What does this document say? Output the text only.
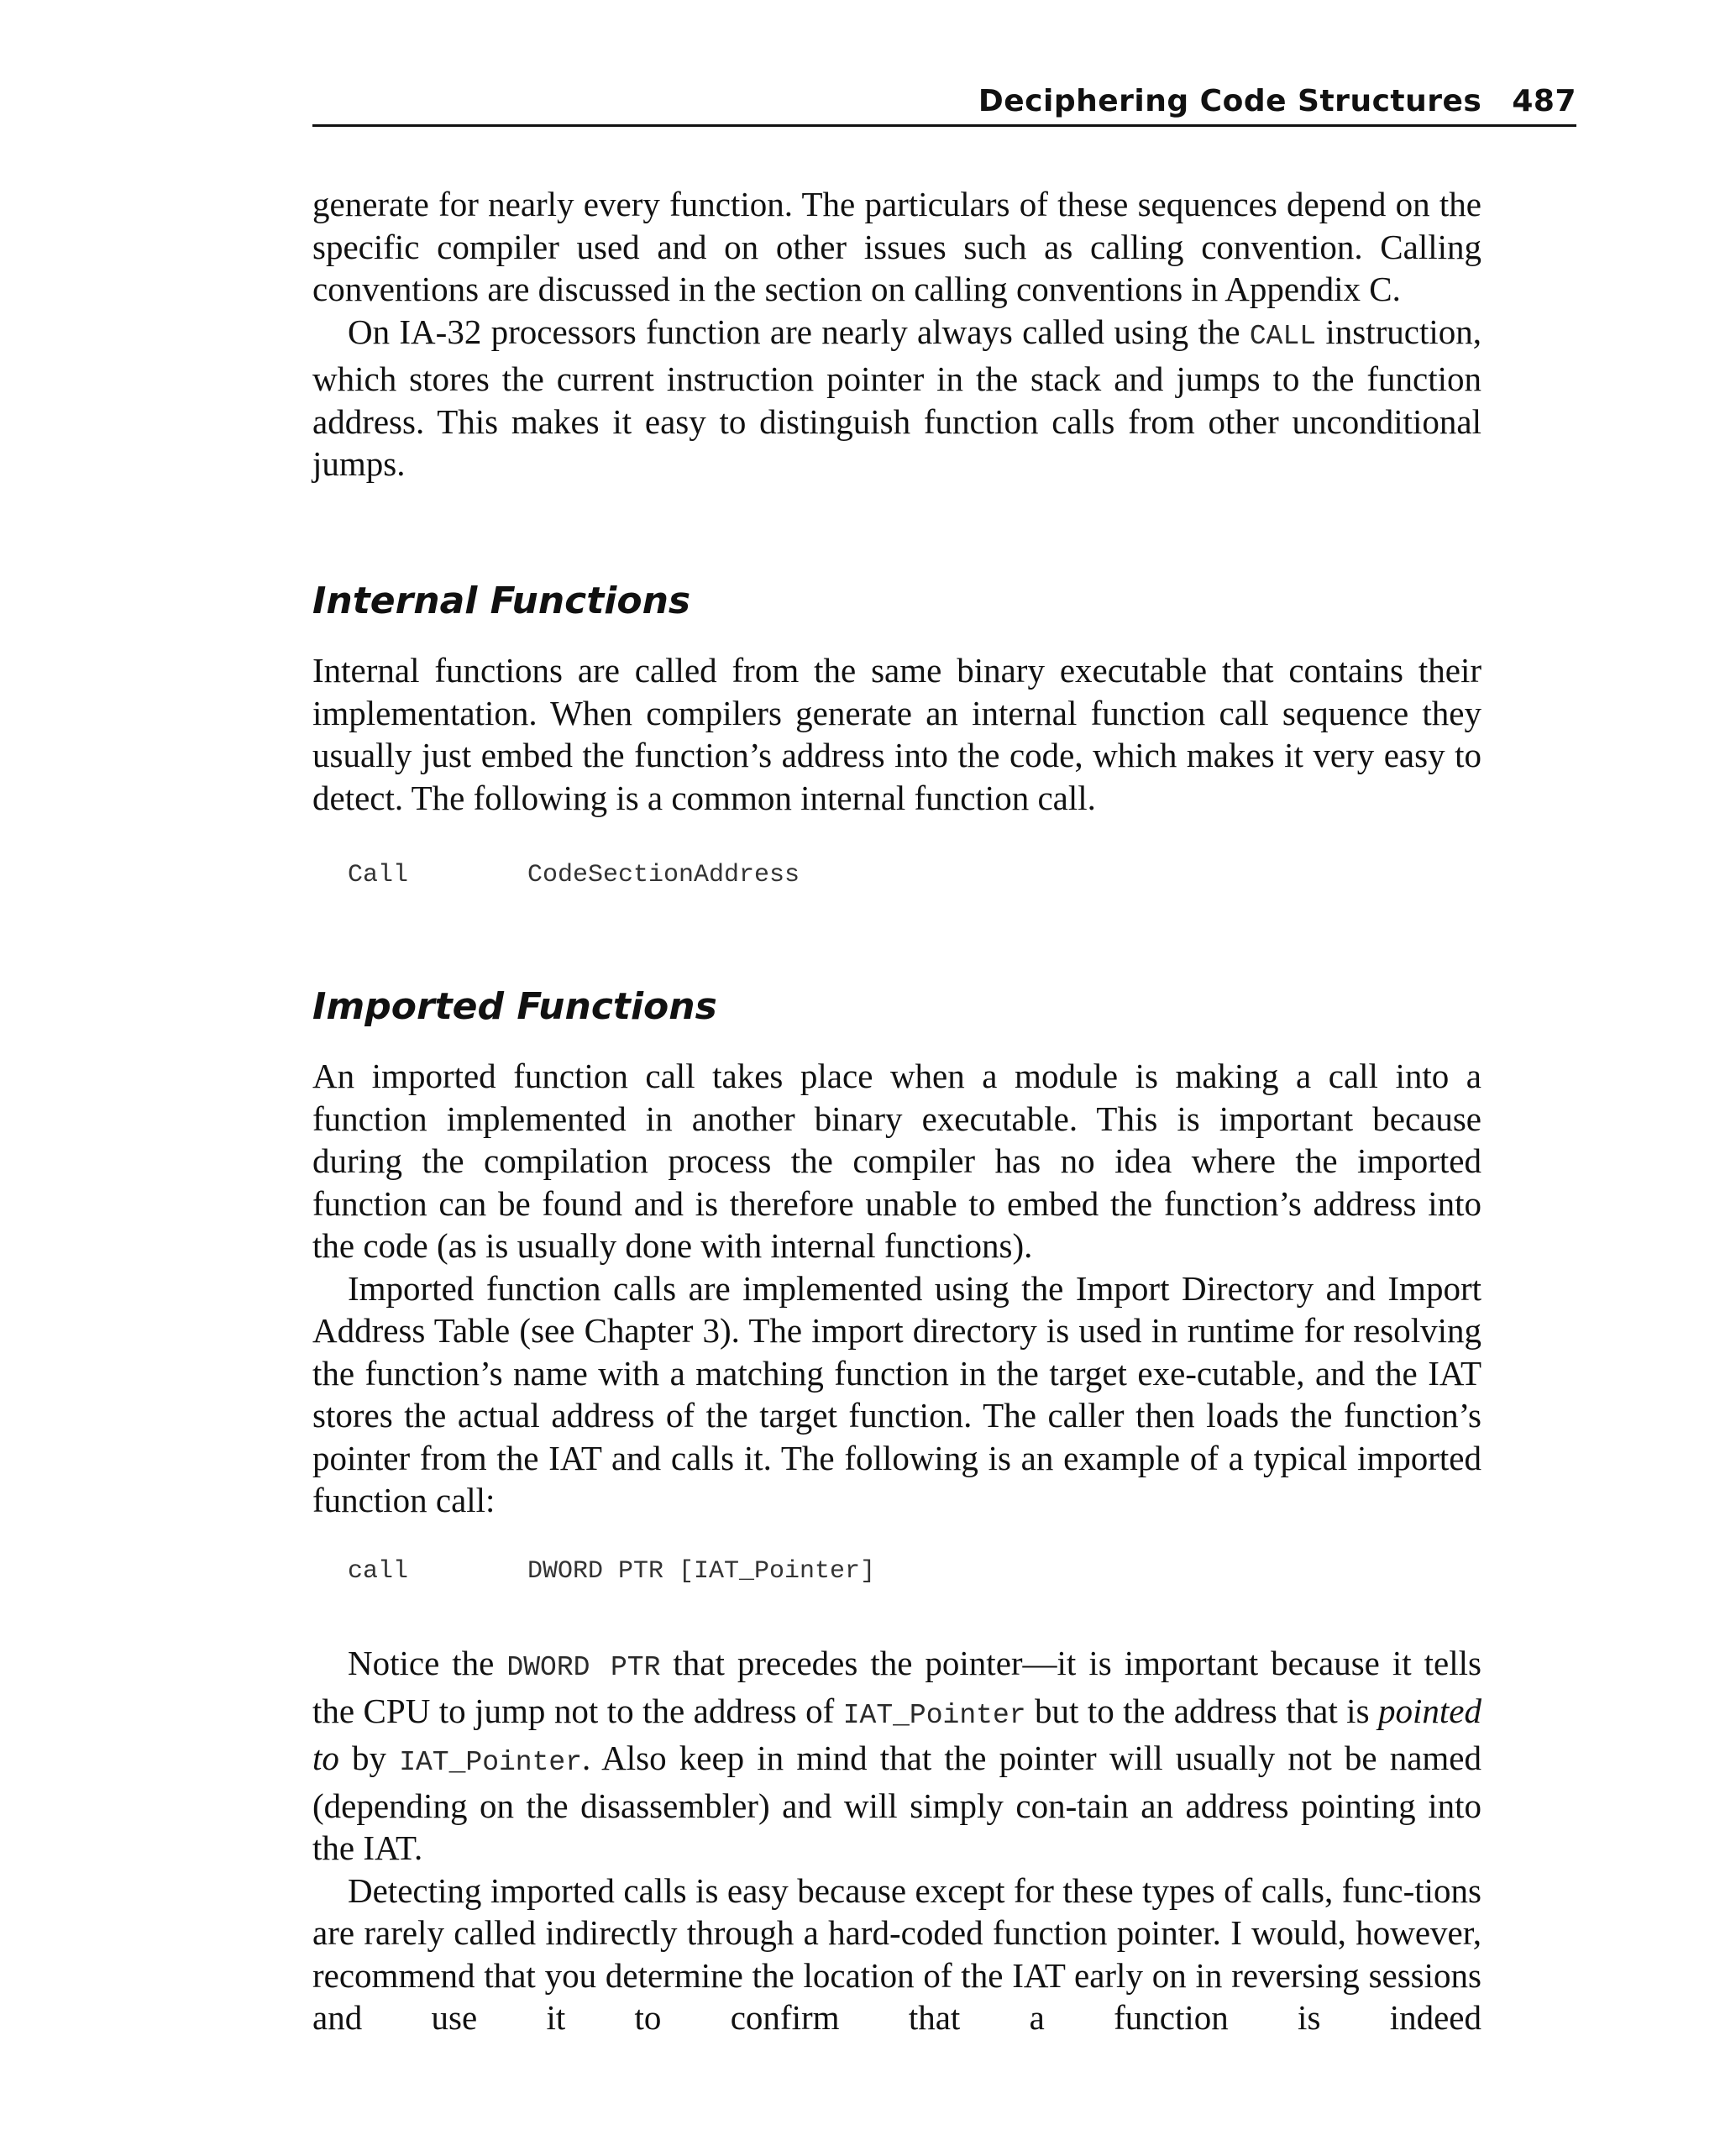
Deciphering Code Structures 487

generate for nearly every function. The particulars of these sequences depend on the specific compiler used and on other issues such as calling convention. Calling conventions are discussed in the section on calling conventions in Appendix C.

On IA-32 processors function are nearly always called using the CALL instruction, which stores the current instruction pointer in the stack and jumps to the function address. This makes it easy to distinguish function calls from other unconditional jumps.

Internal Functions

Internal functions are called from the same binary executable that contains their implementation. When compilers generate an internal function call sequence they usually just embed the function’s address into the code, which makes it very easy to detect. The following is a common internal function call.

Call	CodeSectionAddress
Imported Functions

An imported function call takes place when a module is making a call into a function implemented in another binary executable. This is important because during the compilation process the compiler has no idea where the imported function can be found and is therefore unable to embed the function’s address into the code (as is usually done with internal functions).

Imported function calls are implemented using the Import Directory and Import Address Table (see Chapter 3). The import directory is used in runtime for resolving the function’s name with a matching function in the target exe-cutable, and the IAT stores the actual address of the target function. The caller then loads the function’s pointer from the IAT and calls it. The following is an example of a typical imported function call:

call	DWORD PTR [IAT_Pointer]

Notice the DWORD PTR that precedes the pointer—it is important because it tells the CPU to jump not to the address of IAT_Pointer but to the address that is pointed to by IAT_Pointer. Also keep in mind that the pointer will usually not be named (depending on the disassembler) and will simply con-tain an address pointing into the IAT.

Detecting imported calls is easy because except for these types of calls, func-tions are rarely called indirectly through a hard-coded function pointer. I would, however, recommend that you determine the location of the IAT early on in reversing sessions and use it to confirm that a function is indeed
